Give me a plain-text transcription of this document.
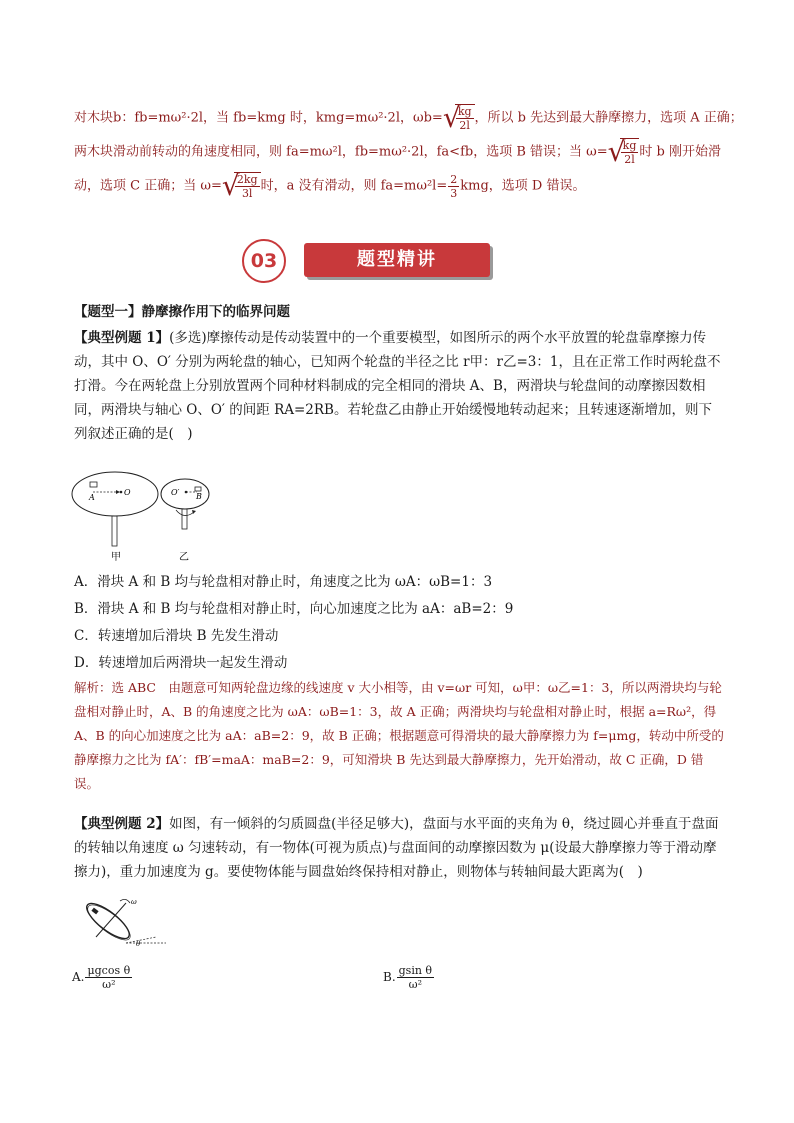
对木块b：fb=mω²·2l，当 fb=kmg 时，kmg=mω²·2l，ωb= √
$\frac{kg}{2l}$ ，所以 b 先达到最大静摩擦力，选项 A 正确；
两木块滑动前转动的角速度相同，则 fa=mω²l，fb=mω²·2l，fa<fb，选项 B 错误；当 ω= √
$\frac{kg}{2l}$ 时 b 刚开始滑
动，选项 C 正确；当 ω= √
$\frac{2kg}{3l}$ 时，a 没有滑动，则 $fa=m\omega^2l= \frac{2}{3}$ kmg，选项 D 错误。
03	题型精讲
【题型一】静摩擦作用下的临界问题
【典型例题 1】(多选)摩擦传动是传动装置中的一个重要模型，如图所示的两个水平放置的轮盘靠摩擦力传动，其中 O、O′ 分别为两轮盘的轴心，已知两个轮盘的半径之比 r甲：r乙=3：1，且在正常工作时两轮盘不打滑。今在两轮盘上分别放置两个同种材料制成的完全相同的滑块 A、B，两滑块与轮盘间的动摩擦因数相同，两滑块与轴心 O、O′ 的间距 RA=2RB。若轮盘乙由静止开始缓慢地转动起来；且转速逐渐增加，则下列叙述正确的是(　)
A
O	O′ B
甲	乙
A．滑块 A 和 B 均与轮盘相对静止时，角速度之比为 ωA：ωB=1：3
B．滑块 A 和 B 均与轮盘相对静止时，向心加速度之比为 aA：aB=2：9
C．转速增加后滑块 B 先发生滑动
D．转速增加后两滑块一起发生滑动
解析：选 ABC　由题意可知两轮盘边缘的线速度 v 大小相等，由 v=ωr 可知，ω甲：ω乙=1：3，所以两滑块均与轮盘相对静止时，A、B 的角速度之比为 ωA：ωB=1：3，故 A 正确；两滑块均与轮盘相对静止时，根据 a=Rω²，得 A、B 的向心加速度之比为 aA：aB=2：9，故 B 正确；根据题意可得滑块的最大静摩擦力为 f=μmg，转动中所受的静摩擦力之比为 fA′：fB′=maA：maB=2：9，可知滑块 B 先达到最大静摩擦力，先开始滑动，故 C 正确，D 错误。
【典型例题 2】如图，有一倾斜的匀质圆盘(半径足够大)，盘面与水平面的夹角为 θ，绕过圆心并垂直于盘面的转轴以角速度 ω 匀速转动，有一物体(可视为质点)与盘面间的动摩擦因数为 μ(设最大静摩擦力等于滑动摩擦力)，重力加速度为 g。要使物体能与圆盘始终保持相对静止，则物体与转轴间最大距离为(　)
ω
θ
A. $\frac{\text{μgcos θ}}{\text{ω²}}$	B. $\frac{\text{gsin θ}}{\text{ω²}}$
